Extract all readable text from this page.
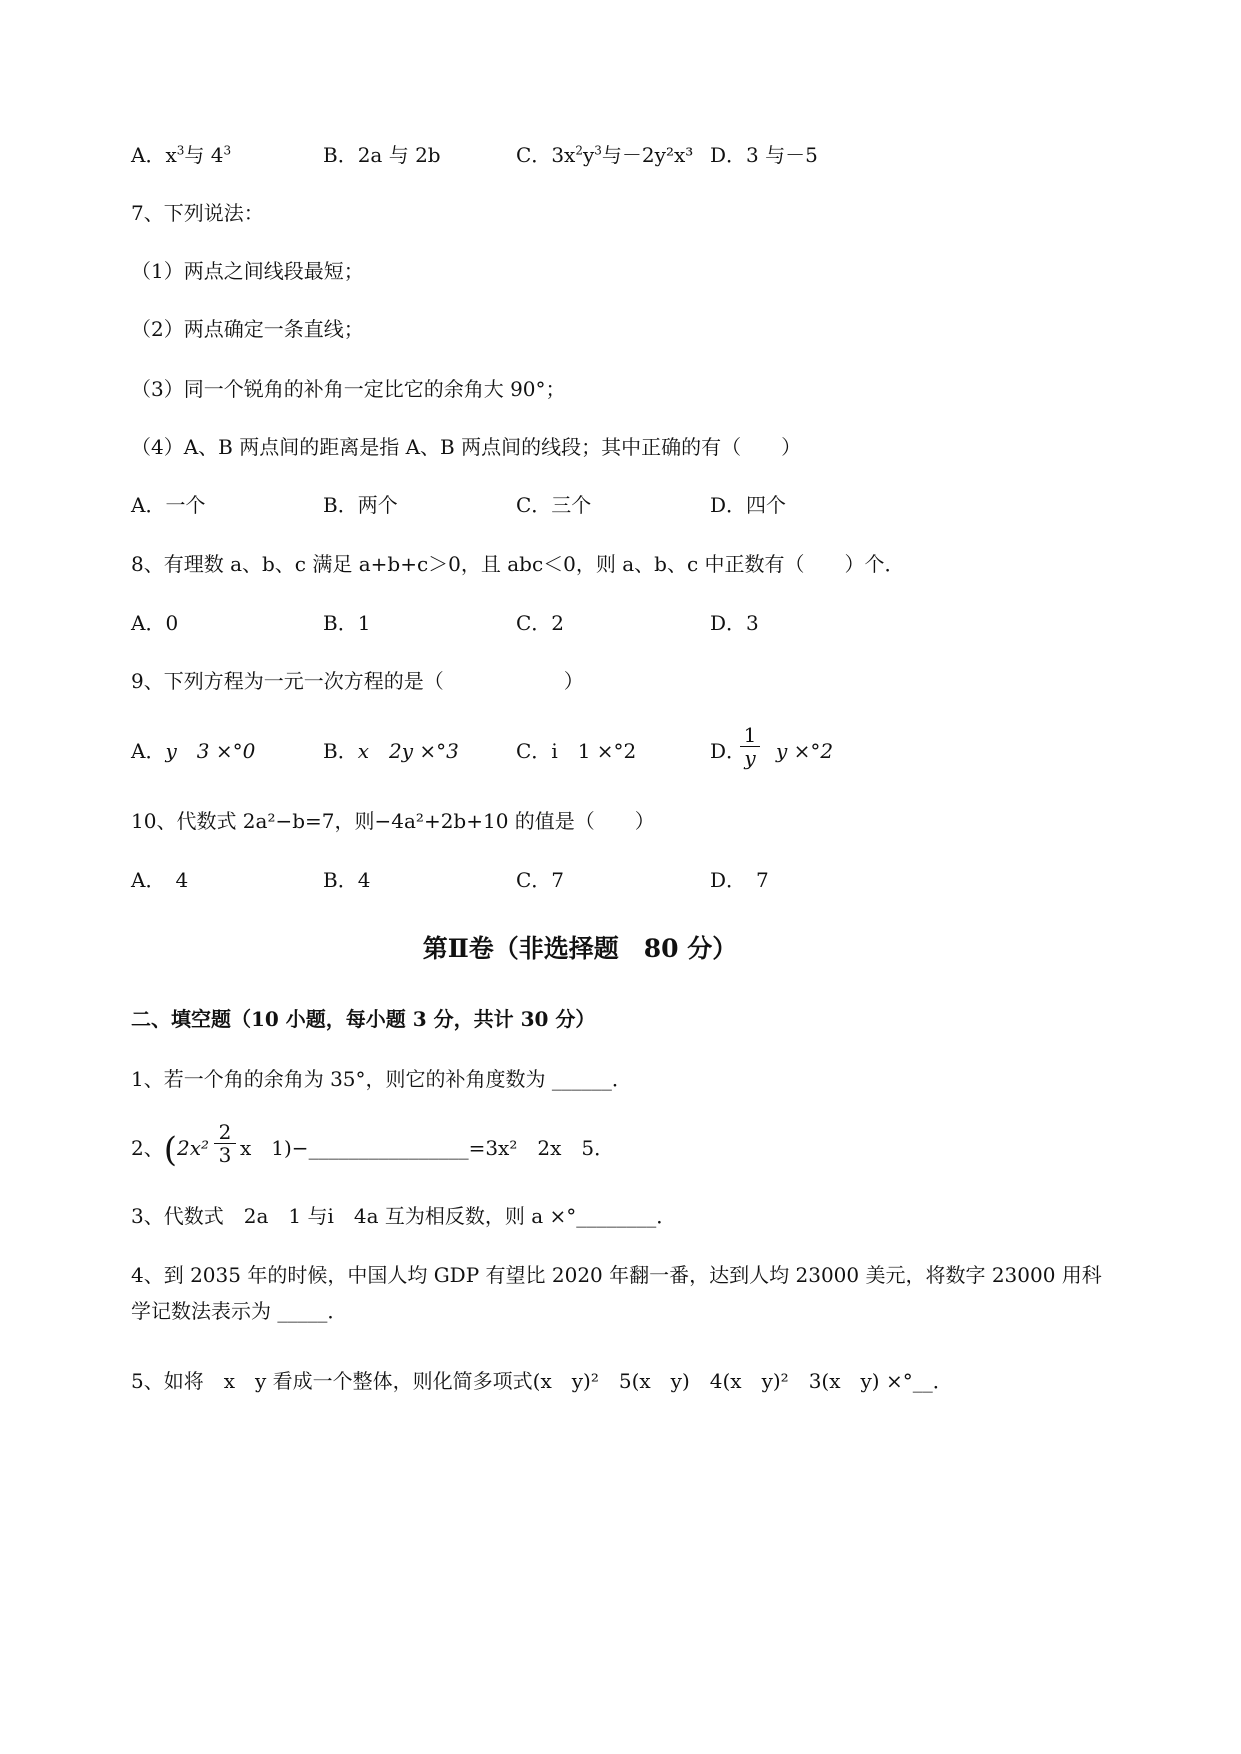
A．$x^3$与 $4^3$	B．2a 与 2b	C．$3x^2y^3$与－2y²x³ D．3 与－5
7、下列说法：
（1）两点之间线段最短；
（2）两点确定一条直线；
（3）同一个锐角的补角一定比它的余角大 90°；
（4）A、B 两点间的距离是指 A、B 两点间的线段；其中正确的有（　　）
A．一个	B．两个	C．三个	D．四个
8、有理数 a、b、c 满足 a+b+c＞0，且 abc＜0，则 a、b、c 中正数有（　　）个．
A．0	B．1	C．2	D．3
9、下列方程为一元一次方程的是（　　　　　　）
A．y　3 ×°0	B．x　2y ×°3	C．ⅰ　1 ×°2	D．
1
y y ×°2
10、代数式 2a²−b=7，则−4a²+2b+10 的值是（　　）
A．　4	B．4	C．7	D．　7
第Ⅱ卷（非选择题　80 分）
二、填空题（10 小题，每小题 3 分，共计 30 分）
1、若一个角的余角为 35°，则它的补角度数为 ______．
2、(2x²
2
3 x　1)−________________=3x²　2x　5．
3、代数式　2a　1 与ⅰ　4a 互为相反数，则 a ×°________．
4、到 2035 年的时候，中国人均 GDP 有望比 2020 年翻一番，达到人均 23000 美元，将数字 23000 用科
学记数法表示为 _____．
5、如将　x　y 看成一个整体，则化简多项式(x　y)²　5(x　y)　4(x　y)²　3(x　y) ×°__．
